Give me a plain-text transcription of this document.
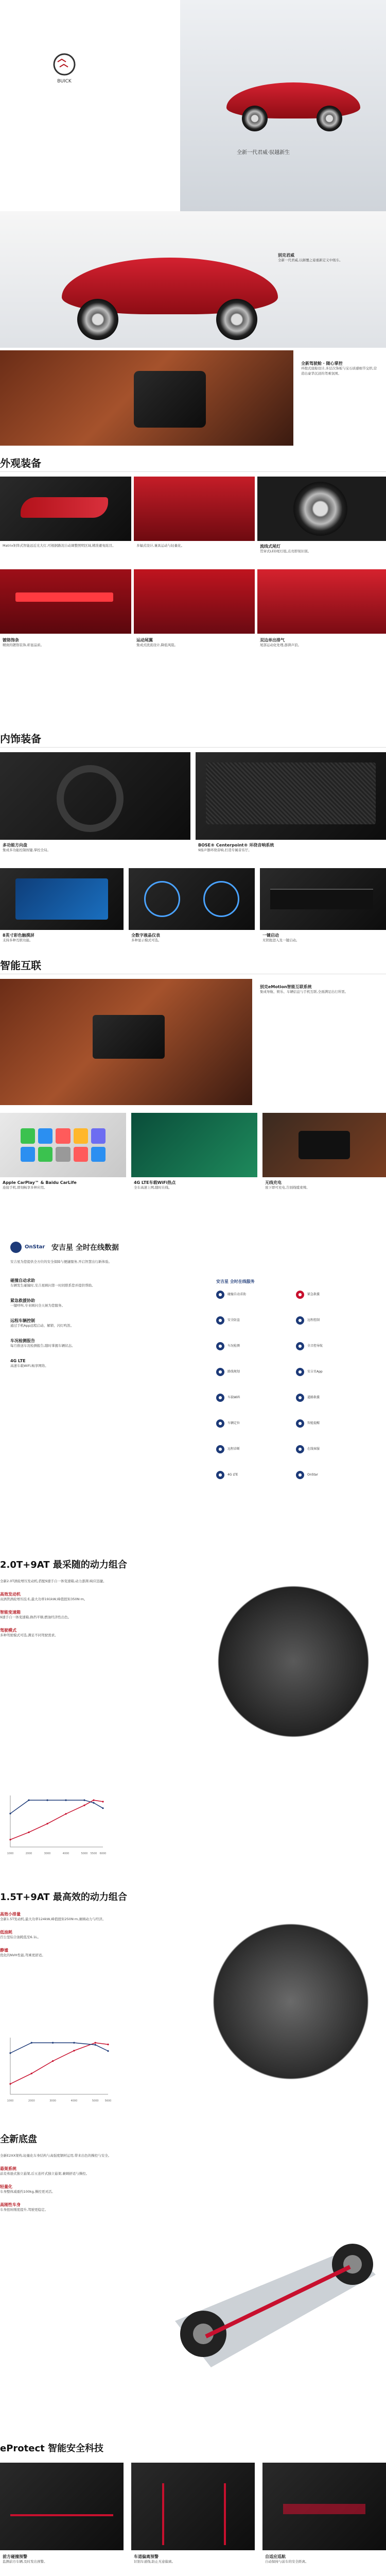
BUICK
全新一代君威·驭越新生
别克君威
全新一代君威,以颠覆之姿重新定义中级车。
全新驾驶舱 · 随心掌控
环抱式座舱设计,多层次饰板与宝石质感细节交织,营造出豪华沉浸的驾乘氛围。
外观装备
Matrix矩阵式智能远近光大灯,可根据路况自动调整照明区域,精准避免眩目。	多辐式设计,兼具运动与轻量化。	流线式尾灯
贯穿式LED尾灯组,点亮即刻识别。
镀铬饰条
精致的镀铬装饰,彰显品质。
运动尾翼
集成式扰流设计,降低风阻。
双边单出排气
尾部运动化处理,澎湃声浪。
内饰装备
多功能方向盘
集成多功能控制按键,掌控全局。
BOSE® Centerpoint® 环绕音响系统
9扬声器环绕音响,打造专属音乐厅。
8英寸彩色触摸屏
支持多种互联功能。
全数字液晶仪表
多种显示模式可选。
一键启动
无钥匙进入及一键启动。
智能互联
别克eMotion智能互联系统
集成导航、娱乐、车辆信息与手机互联,全面满足出行所需。
Apple CarPlay™ & Baidu CarLife
连接手机,即刻畅享多种应用。
4G LTE车载WiFi热点
全车高速上网,随时在线。
无线充电
放下即可充电,告别线缆束缚。
OnStar 安吉星 全时在线数据
安吉星为您提供全方位的安全保障与便捷服务,开启智慧出行新体验。
碰撞自动求助
车辆发生碰撞时,安吉星顾问第一时间联系您并提供帮助。
紧急救援协助
一键呼叫,专业顾问全天候为您服务。
远程车辆控制
通过手机App远程启动、解锁、闪灯鸣笛。
车况检测报告
每月推送车况检测报告,随时掌握车辆状态。
4G LTE
高速车载WiFi,畅享网络。
安吉星 全时在线服务
●	碰撞自动求助	●	紧急救援
●	安全防盗	●	远程控制
●	车况检测	●	全音控导航
●	路线规划	●	安吉星App
●	车载WiFi	●	道路救援
●	车辆定位	●	智能提醒
●	远程诊断	●	在线客服
●	4G LTE	●	OnStar
2.0T+9AT 最采随的动力组合
全新2.0T涡轮增压发动机,搭配9速手自一体变速箱,动力澎湃,响应迅捷。
高效发动机
双涡管涡轮增压技术,最大功率191kW,峰值扭矩350N·m。
智能变速箱
9速手自一体变速箱,换挡平顺,燃油经济性出色。
驾驶模式
多种驾驶模式可选,满足不同驾驶需求。
1000	2000	3000	4000	5000 5500 6000
1.5T+9AT 最高效的动力组合
高效小排量
全新1.5T发动机,最大功率124kW,峰值扭矩250N·m,兼顾动力与经济。
低油耗
百公里综合油耗低至6.1L。
静谧
优化的NVH性能,驾乘更舒适。
1000	2000	3000	4000	5000 5600
全新底盘
全新E2XX架构,轻量化车身结构与高强度钢材运用,带来出色的操控与安全。
悬架系统
前麦弗逊式独立悬架,后五连杆式独立悬架,兼顾舒适与操控。
轻量化
车身整体减重约100kg,操控更灵活。
高刚性车身
车身扭转刚度提升,驾驶更稳定。
eProtect 智能安全科技
前方碰撞预警
监测前方车辆,及时发出预警。
车道偏离预警
识别车道线,防止无意偏离。
自适应巡航
自动保持与前车的安全距离。
